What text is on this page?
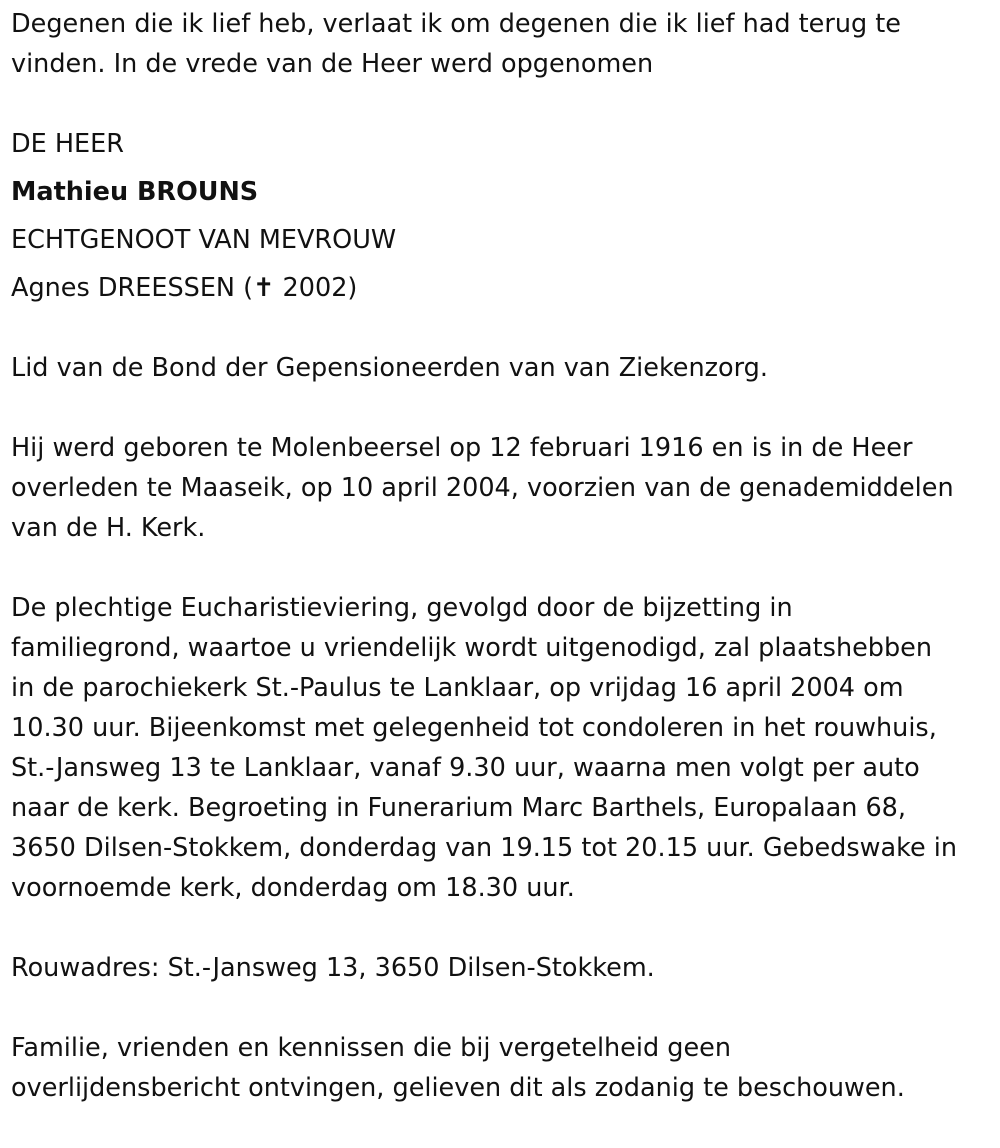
Degenen die ik lief heb, verlaat ik om degenen die ik lief had terug te

vinden. In de vrede van de Heer werd opgenomen

DE HEER

Mathieu BROUNS

ECHTGENOOT VAN MEVROUW

Agnes DREESSEN (✝ 2002)

Lid van de Bond der Gepensioneerden van van Ziekenzorg.

Hij werd geboren te Molenbeersel op 12 februari 1916 en is in de Heer

overleden te Maaseik, op 10 april 2004, voorzien van de genademiddelen

van de H. Kerk.

De plechtige Eucharistieviering, gevolgd door de bijzetting in

familiegrond, waartoe u vriendelijk wordt uitgenodigd, zal plaatshebben

in de parochiekerk St.-Paulus te Lanklaar, op vrijdag 16 april 2004 om

10.30 uur. Bijeenkomst met gelegenheid tot condoleren in het rouwhuis,

St.-Jansweg 13 te Lanklaar, vanaf 9.30 uur, waarna men volgt per auto

naar de kerk. Begroeting in Funerarium Marc Barthels, Europalaan 68,

3650 Dilsen-Stokkem, donderdag van 19.15 tot 20.15 uur. Gebedswake in

voornoemde kerk, donderdag om 18.30 uur.

Rouwadres: St.-Jansweg 13, 3650 Dilsen-Stokkem.

Familie, vrienden en kennissen die bij vergetelheid geen

overlijdensbericht ontvingen, gelieven dit als zodanig te beschouwen.
